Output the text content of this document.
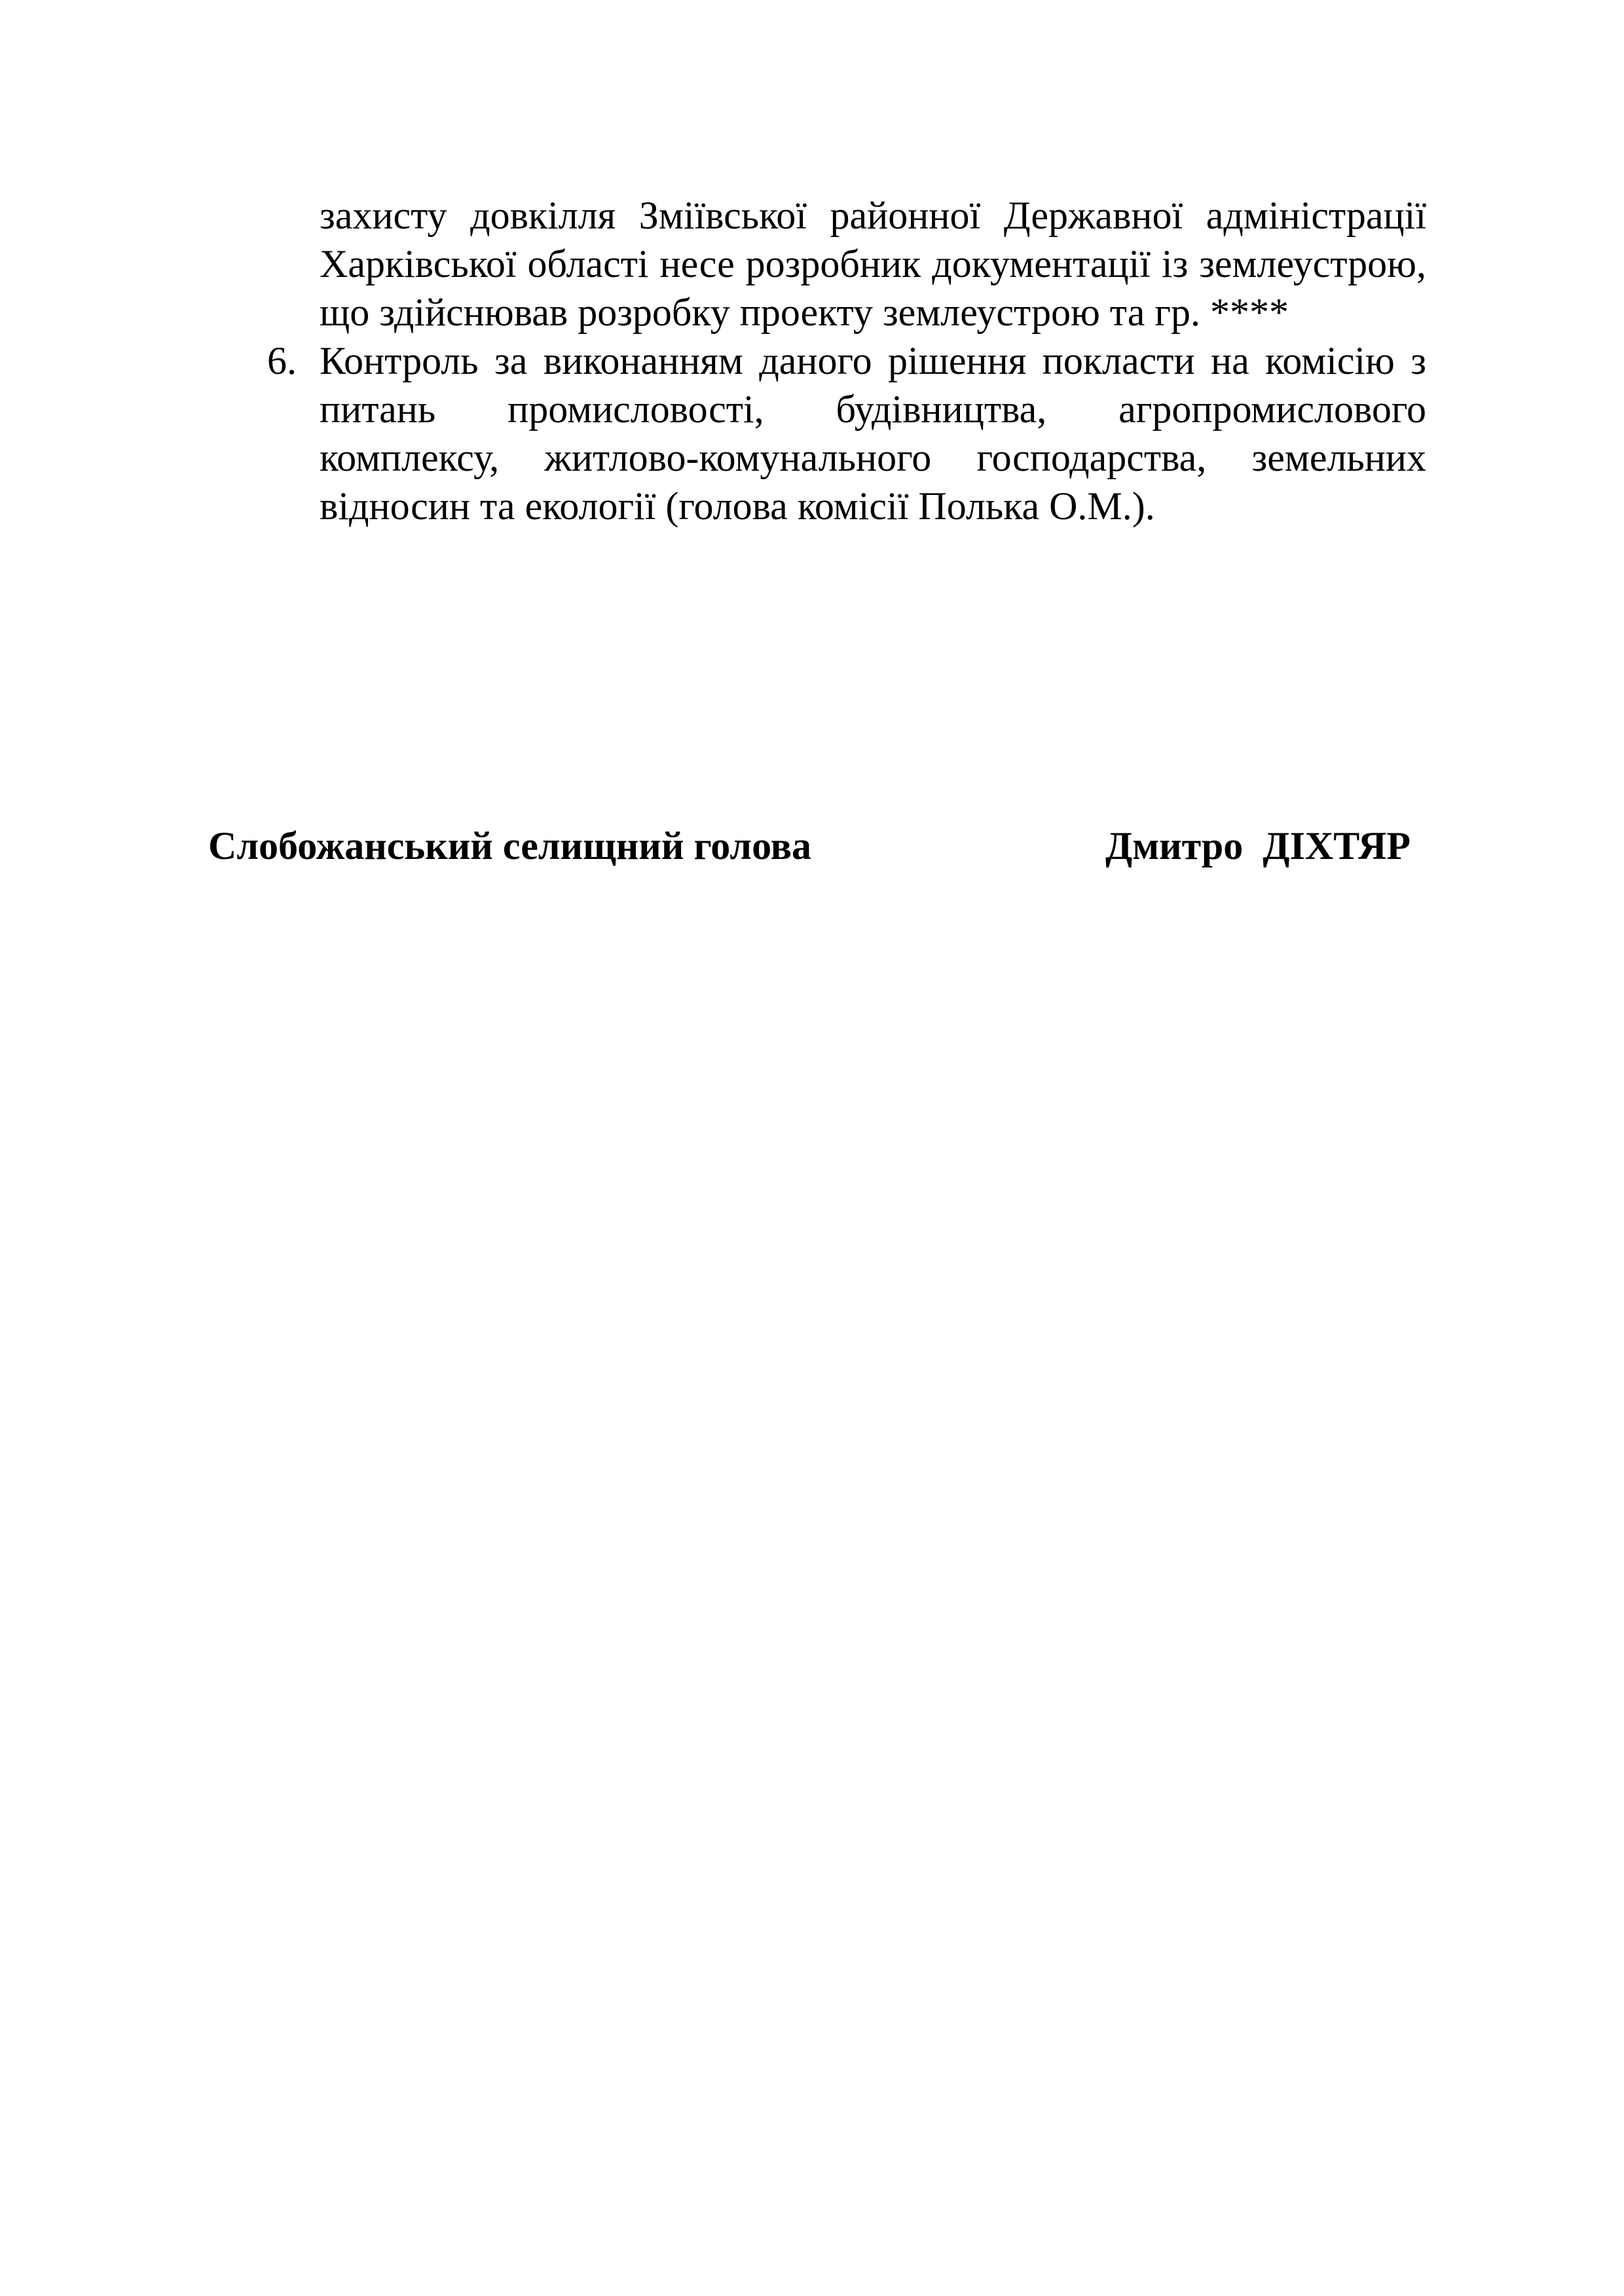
захисту довкілля Зміївської районної Державної адміністрації Харківської області несе розробник документації із землеустрою, що здійснював розробку проекту землеустрою та гр. ****

6. Контроль за виконанням даного рішення покласти на комісію з питань промисловості, будівництва, агропромислового комплексу, житлово-комунального господарства, земельних відносин та екології (голова комісії Полька О.М.).

Слобожанський селищний голова	Дмитро  ДІХТЯР
